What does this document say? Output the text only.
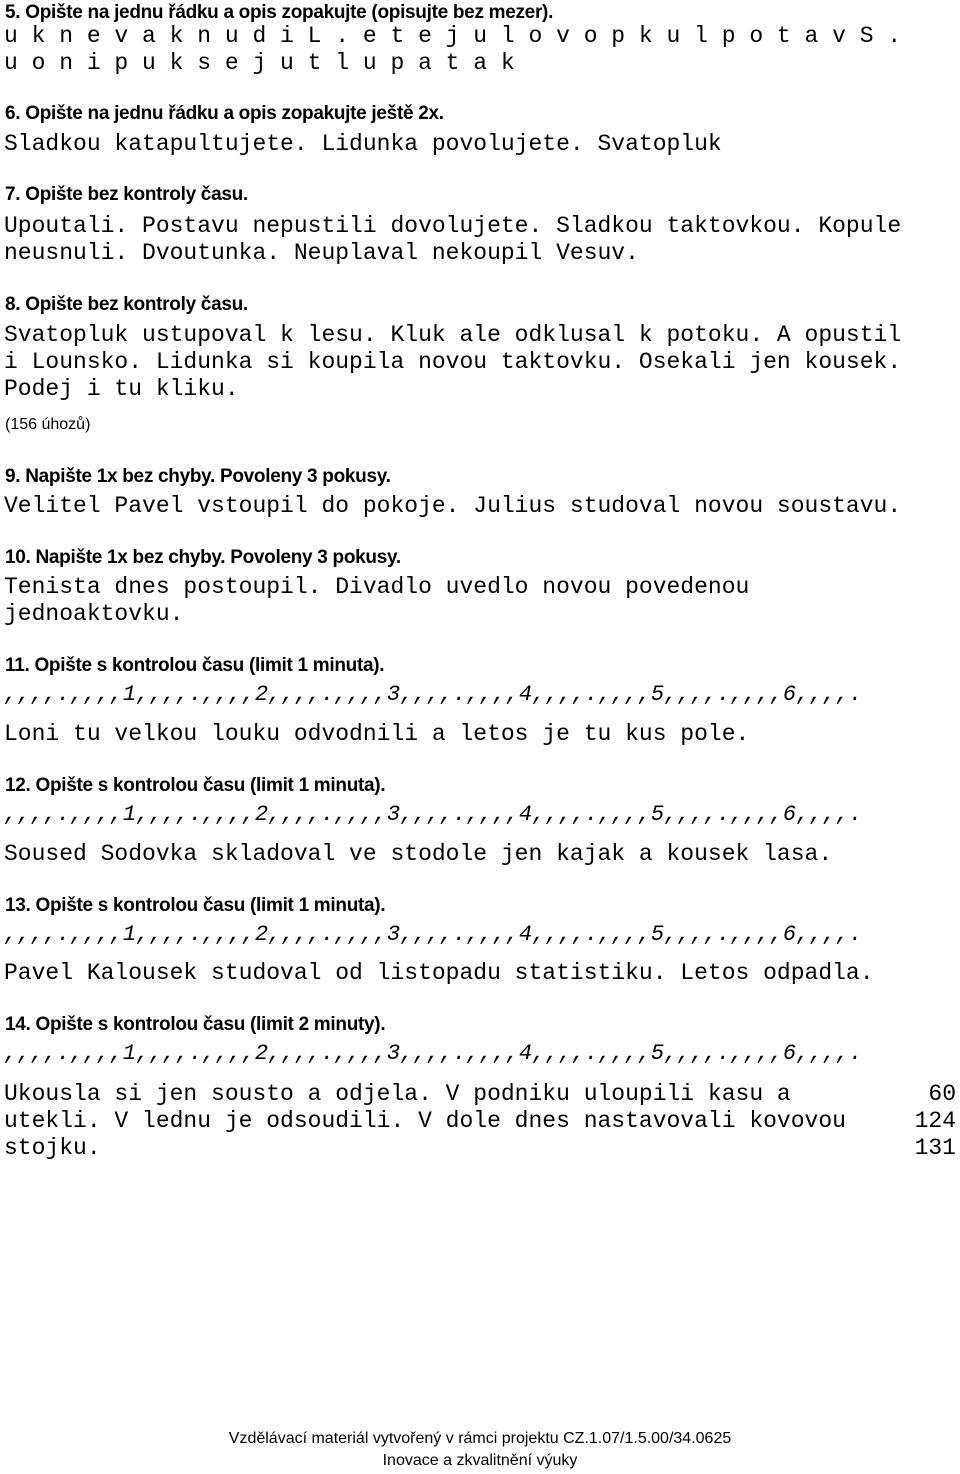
5. Opište na jednu řádku a opis zopakujte (opisujte bez mezer).
u k n e v a k n u d i L . e t e j u l o v o p k u l p o t a v S .
u o n i p u k s e j u t l u p a t a k
6. Opište na jednu řádku a opis zopakujte ještě 2x.
Sladkou katapultujete. Lidunka povolujete. Svatopluk
7. Opište bez kontroly času.
Upoutali. Postavu nepustili dovolujete. Sladkou taktovkou. Kopule
neusnuli. Dvoutunka. Neuplaval nekoupil Vesuv.
8. Opište bez kontroly času.
Svatopluk ustupoval k lesu. Kluk ale odklusal k potoku. A opustil
i Lounsko. Lidunka si koupila novou taktovku. Osekali jen kousek.
Podej i tu kliku.
(156 úhozů)
9. Napište 1x bez chyby. Povoleny 3 pokusy.
Velitel Pavel vstoupil do pokoje. Julius studoval novou soustavu.
10. Napište 1x bez chyby. Povoleny 3 pokusy.
Tenista dnes postoupil. Divadlo uvedlo novou povedenou
jednoaktovku.
11. Opište s kontrolou času (limit 1 minuta).
,,,,.,,,,1,,,,.,,,,2,,,,.,,,,3,,,,.,,,,4,,,,.,,,,5,,,,.,,,,6,,,,.
Loni tu velkou louku odvodnili a letos je tu kus pole.
12. Opište s kontrolou času (limit 1 minuta).
,,,,.,,,,1,,,,.,,,,2,,,,.,,,,3,,,,.,,,,4,,,,.,,,,5,,,,.,,,,6,,,,.
Soused Sodovka skladoval ve stodole jen kajak a kousek lasa.
13. Opište s kontrolou času (limit 1 minuta).
,,,,.,,,,1,,,,.,,,,2,,,,.,,,,3,,,,.,,,,4,,,,.,,,,5,,,,.,,,,6,,,,.
Pavel Kalousek studoval od listopadu statistiku. Letos odpadla.
14. Opište s kontrolou času (limit 2 minuty).
,,,,.,,,,1,,,,.,,,,2,,,,.,,,,3,,,,.,,,,4,,,,.,,,,5,,,,.,,,,6,,,,.
Ukousla si jen sousto a odjela. V podniku uloupili kasu a
utekli. V lednu je odsoudili. V dole dnes nastavovali kovovou
stojku.
60
124
131
Vzdělávací materiál vytvořený v rámci projektu CZ.1.07/1.5.00/34.0625
Inovace a zkvalitnění výuky
